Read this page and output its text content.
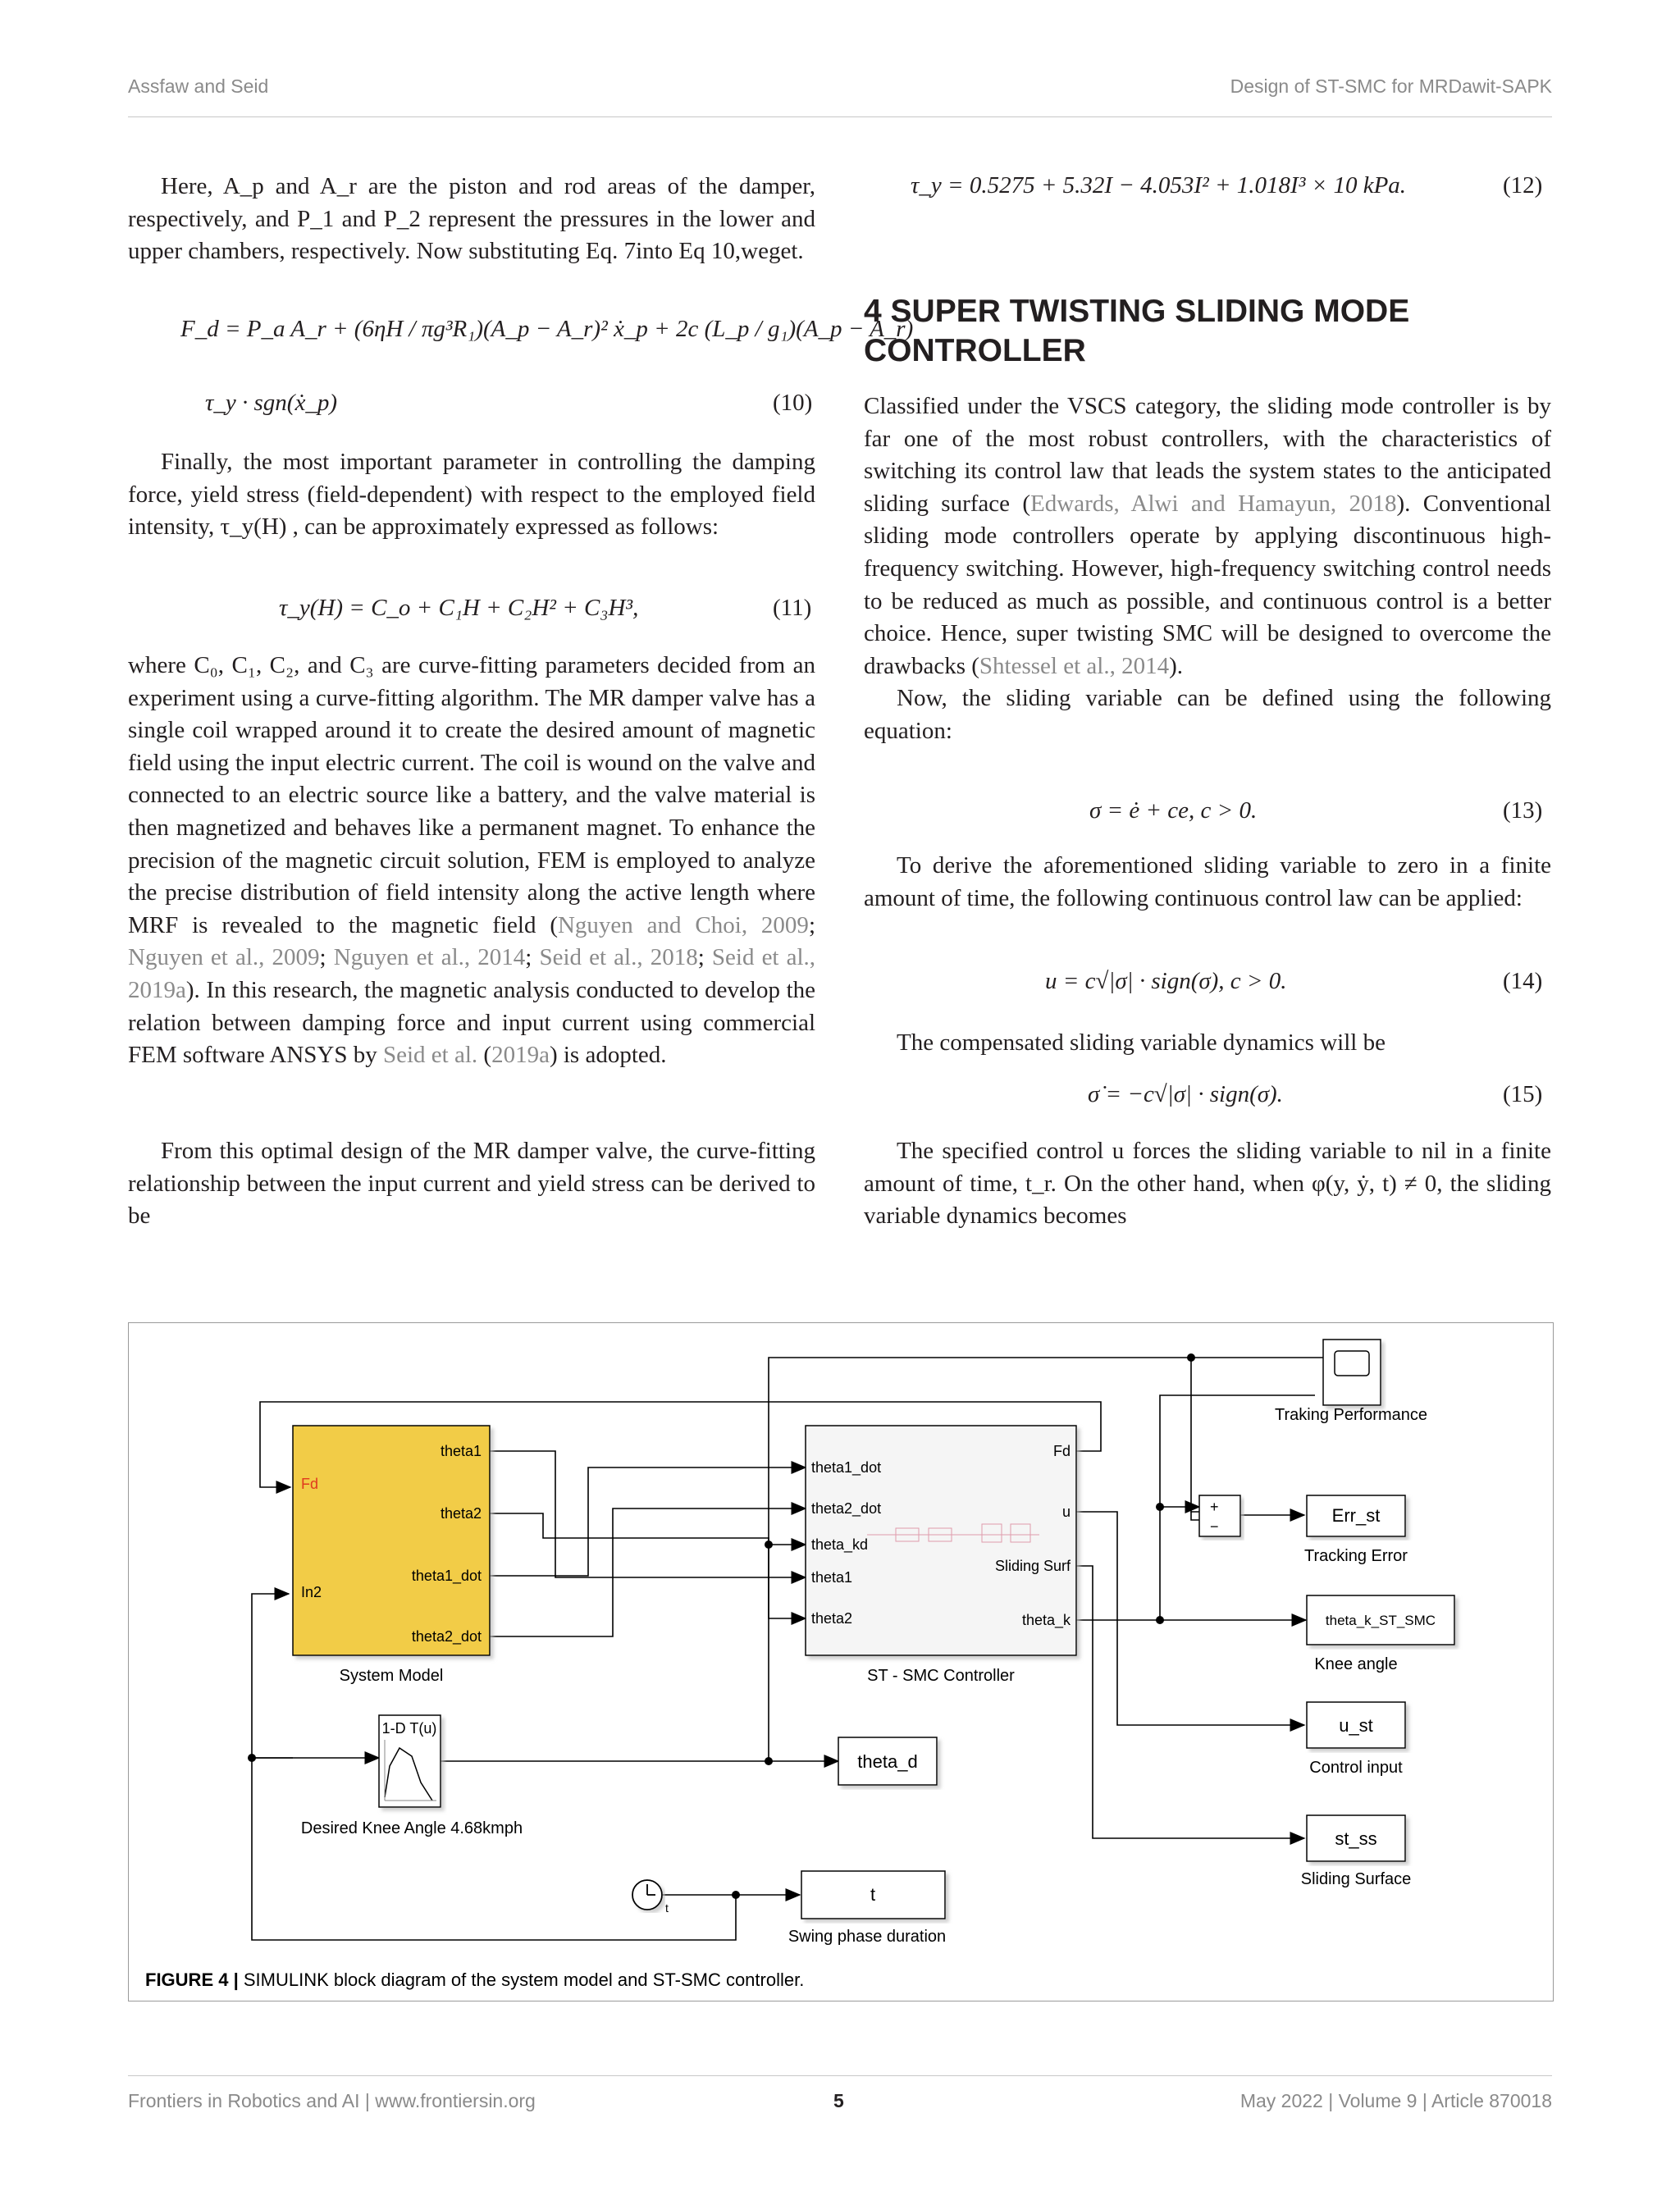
Assfaw and Seid	Design of ST-SMC for MRDawit-SAPK

Here, A_p and A_r are the piston and rod areas of the damper, respectively, and P_1 and P_2 represent the pressures in the lower and upper chambers, respectively. Now substituting Eq. 7into Eq 10,weget.

F_d = P_a A_r + (6ηH / πg³R₁)(A_p − A_r)² ẋ_p + 2c (L_p / g₁)(A_p − A_r)
τ_y · sgn(ẋ_p)	(10)

Finally, the most important parameter in controlling the damping force, yield stress (field-dependent) with respect to the employed field intensity, τ_y(H) , can be approximately expressed as follows:

τ_y(H) = C_o + C₁H + C₂H² + C₃H³,	(11)

where C₀, C₁, C₂, and C₃ are curve-fitting parameters decided from an experiment using a curve-fitting algorithm. The MR damper valve has a single coil wrapped around it to create the desired amount of magnetic field using the input electric current. The coil is wound on the valve and connected to an electric source like a battery, and the valve material is then magnetized and behaves like a permanent magnet. To enhance the precision of the magnetic circuit solution, FEM is employed to analyze the precise distribution of field intensity along the active length where MRF is revealed to the magnetic field (Nguyen and Choi, 2009; Nguyen et al., 2009; Nguyen et al., 2014; Seid et al., 2018; Seid et al., 2019a). In this research, the magnetic analysis conducted to develop the relation between damping force and input current using commercial FEM software ANSYS by Seid et al. (2019a) is adopted.

From this optimal design of the MR damper valve, the curve-fitting relationship between the input current and yield stress can be derived to be

τ_y = 0.5275 + 5.32I − 4.053I² + 1.018I³ × 10 kPa.	(12)
4 SUPER TWISTING SLIDING MODE CONTROLLER

Classified under the VSCS category, the sliding mode controller is by far one of the most robust controllers, with the characteristics of switching its control law that leads the system states to the anticipated sliding surface (Edwards, Alwi and Hamayun, 2018). Conventional sliding mode controllers operate by applying discontinuous high-frequency switching. However, high-frequency switching control needs to be reduced as much as possible, and continuous control is a better choice. Hence, super twisting SMC will be designed to overcome the drawbacks (Shtessel et al., 2014).

Now, the sliding variable can be defined using the following equation:

σ = ė + ce, c > 0.	(13)

To derive the aforementioned sliding variable to zero in a finite amount of time, the following continuous control law can be applied:

u = c√|σ| · sign(σ), c > 0.	(14)

The compensated sliding variable dynamics will be

σ̇ = −c√|σ| · sign(σ).	(15)

The specified control u forces the sliding variable to nil in a finite amount of time, t_r. On the other hand, when φ(y, ẏ, t) ≠ 0, the sliding variable dynamics becomes

Fd
In2
theta1
theta2
theta1_dot
theta2_dot
System Model
theta1_dot
theta2_dot
theta_kd
theta1
theta2
Fd
u
Sliding Surf
theta_k
ST - SMC Controller
1-D T(u)
Desired Knee Angle 4.68kmph
Traking Performance
+
−
Err_st
Tracking Error
theta_k_ST_SMC
Knee angle
u_st
Control input
st_ss
Sliding Surface
theta_d
t
Swing phase duration
t
FIGURE 4 | SIMULINK block diagram of the system model and ST-SMC controller.
Frontiers in Robotics and AI | www.frontiersin.org	5	May 2022 | Volume 9 | Article 870018
